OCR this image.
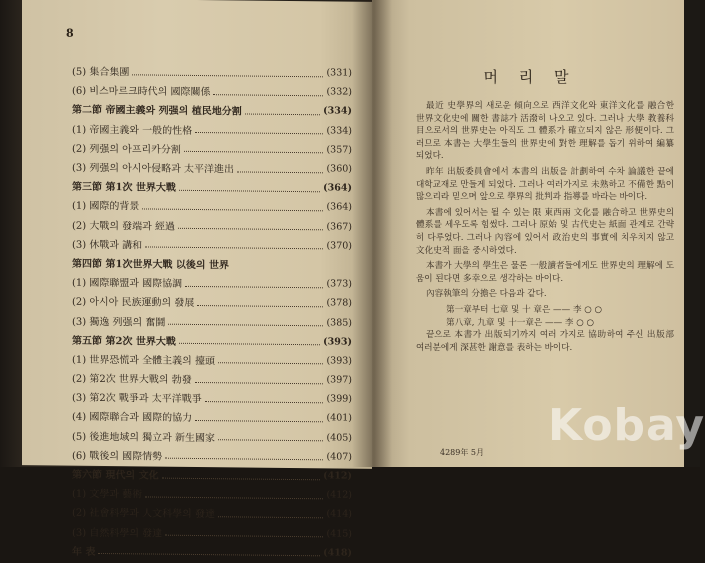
8
(5) 集合集團	(331)
(6) 비스마르크時代의 國際關係	(332)
第二節 帝國主義와 列强의 植民地分割	(334)
(1) 帝國主義와 一般的性格	(334)
(2) 列强의 아프리카分割	(357)
(3) 列强의 아시아侵略과 太平洋進出	(360)
第三節 第1次 世界大戰	(364)
(1) 國際的背景	(364)
(2) 大戰의 發端과 經過	(367)
(3) 休戰과 講和	(370)
第四節 第1次世界大戰 以後의 世界
(1) 國際聯盟과 國際協調	(373)
(2) 아시아 民族運動의 發展	(378)
(3) 獨逸 列强의 奮鬪	(385)
第五節 第2次 世界大戰	(393)
(1) 世界恐慌과 全體主義의 擡頭	(393)
(2) 第2次 世界大戰의 勃發	(397)
(3) 第2次 戰爭과 太平洋戰爭	(399)
(4) 國際聯合과 國際的協力	(401)
(5) 後進地域의 獨立과 新生國家	(405)
(6) 戰後의 國際情勢	(407)
第六節 現代의 文化	(412)
(1) 文學과 藝術	(412)
(2) 社會科學과 人文科學의 發達	(414)
(3) 自然科學의 發達	(415)
年 表	(418)
머 리 말

最近 史學界의 새로운 傾向으로 西洋文化와 東洋文化를 融合한 世界文化史에 關한 書誌가 活潑히 나오고 있다. 그러나 大學 教養科目으로서의 世界史는 아직도 그 體系가 確立되지 않은 形便이다. 그러므로 本書는 大學生들의 世界史에 對한 理解를 돕기 위하여 編纂되었다.

昨年 出版委員會에서 本書의 出版을 計劃하여 수차 論議한 끝에 대학교재로 만들게 되었다. 그러나 여러가지로 未熟하고 不備한 點이 많으리라 믿으며 앞으로 學界의 批判과 指導를 바라는 바이다.

本書에 있어서는 될 수 있는 限 東西兩 文化를 融合하고 世界史의 體系를 세우도록 힘썼다. 그러나 原始 및 古代史는 紙面 관계로 간략히 다루었다. 그러나 內容에 있어서 政治史의 事實에 치우치지 않고 文化史적 面을 중시하였다.

本書가 大學의 學生은 물론 一般讀者들에게도 世界史의 理解에 도움이 된다면 多幸으로 생각하는 바이다.

內容執筆의 分擔은 다음과 같다.

第一章부터 七章 및 十 章은 —— 李 ○ ○
第八章, 九章 및 十一章은 —— 李 ○ ○

끝으로 本書가 出版되기까지 여러 가지로 協助하여 주신 出版部 여러분에게 深甚한 謝意를 表하는 바이다.

4289年 5月
Kobay
